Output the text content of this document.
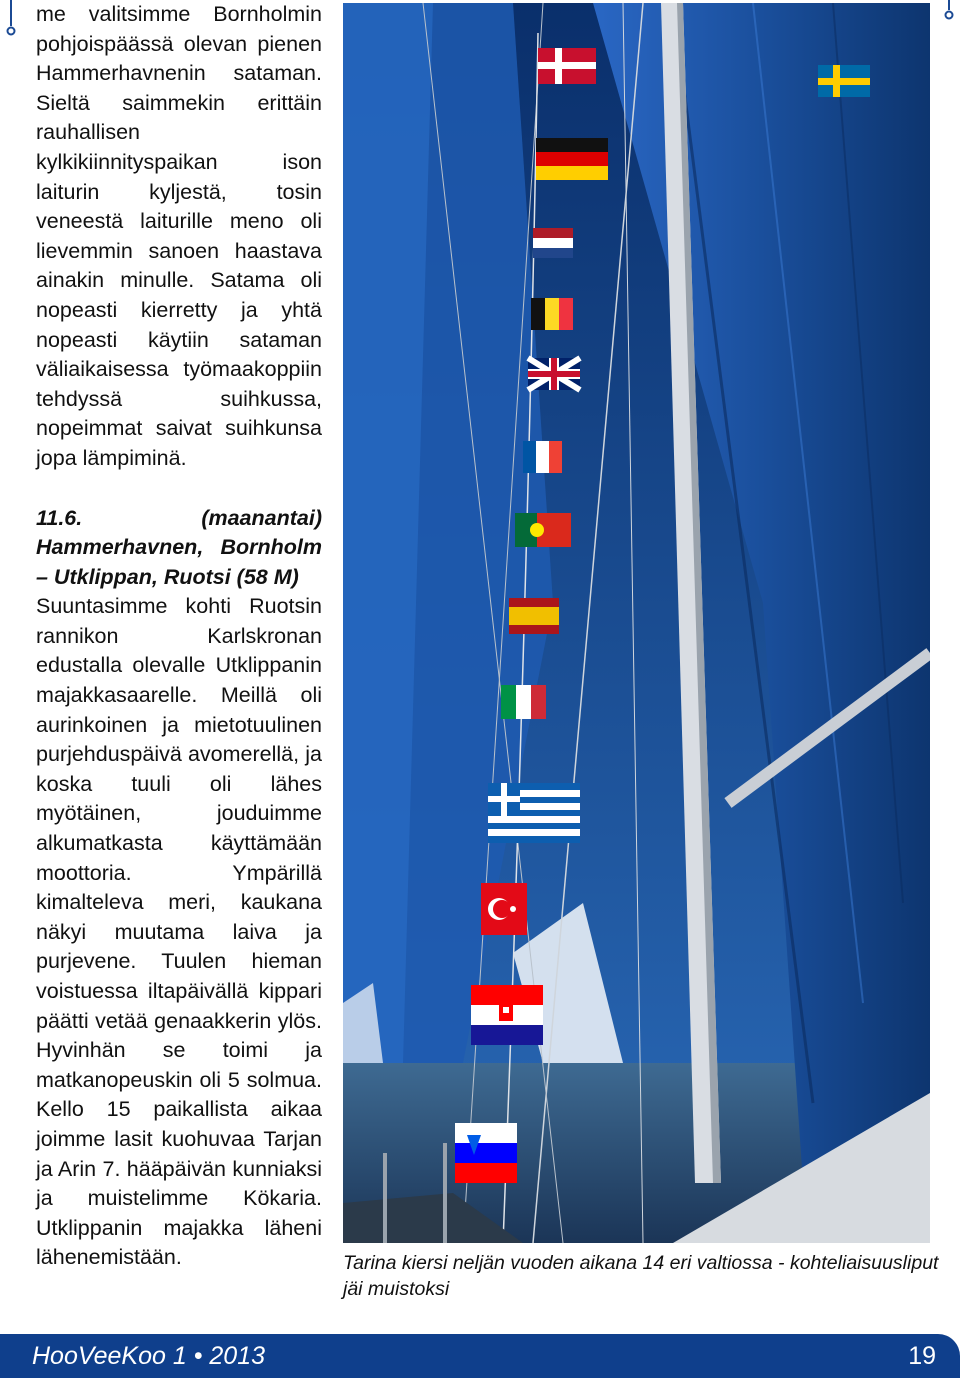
me valitsimme Bornholmin pohjoispäässä olevan pienen Hammerhavnenin sataman. Sieltä saimmekin erittäin rauhallisen kylkikiinnityspaikan ison laiturin kyljestä, tosin veneestä laiturille meno oli lievemmin sanoen haastava ainakin minulle. Satama oli nopeasti kierretty ja yhtä nopeasti käytiin sataman väliaikaisessa työmaakoppiin tehdyssä suihkussa, nopeimmat saivat suihkunsa jopa lämpiminä.

11.6. (maanantai) Hammerhavnen, Bornholm – Utklippan, Ruotsi (58 M)

Suuntasimme kohti Ruotsin rannikon Karlskronan edustalla olevalle Utklippanin majakkasaarelle. Meillä oli aurinkoinen ja mietotuulinen purjehduspäivä avomerellä, ja koska tuuli oli lähes myötäinen, jouduimme alkumatkasta käyttämään moottoria. Ympärillä kimalteleva meri, kaukana näkyi muutama laiva ja purjevene. Tuulen hieman voistuessa iltapäivällä kippari päätti vetää genaakkerin ylös. Hyvinhän se toimi ja matkanopeuskin oli 5 solmua. Kello 15 paikallista aikaa joimme lasit kuohuvaa Tarjan ja Arin 7. hääpäivän kunniaksi ja muistelimme Kökaria. Utklippanin majakka läheni lähenemistään.	Tarina kiersi neljän vuoden aikana 14 eri valtiossa - kohteliaisuusliput jäi muistoksi
HooVeeKoo 1 • 2013	19
